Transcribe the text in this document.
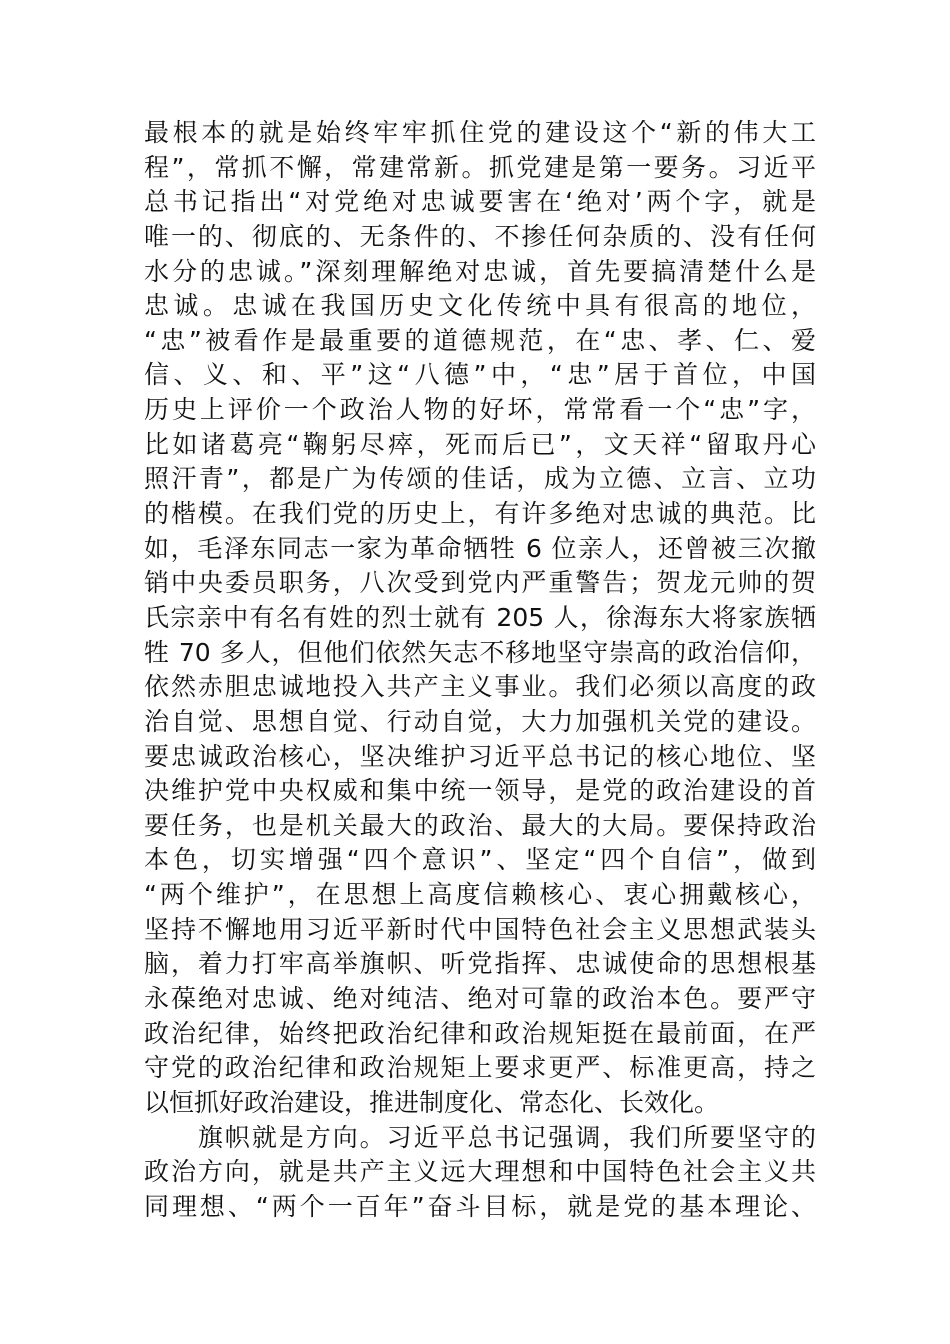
最根本的就是始终牢牢抓住党的建设这个“新的伟大工
程”，常抓不懈，常建常新。抓党建是第一要务。习近平
总书记指出“对党绝对忠诚要害在‘绝对’两个字，就是
唯一的、彻底的、无条件的、不掺任何杂质的、没有任何
水分的忠诚。”深刻理解绝对忠诚，首先要搞清楚什么是
忠诚。忠诚在我国历史文化传统中具有很高的地位，
“忠”被看作是最重要的道德规范，在“忠、孝、仁、爱
信、义、和、平”这“八德”中，“忠”居于首位，中国
历史上评价一个政治人物的好坏，常常看一个“忠”字，
比如诸葛亮“鞠躬尽瘁，死而后已”，文天祥“留取丹心
照汗青”，都是广为传颂的佳话，成为立德、立言、立功
的楷模。在我们党的历史上，有许多绝对忠诚的典范。比
如，毛泽东同志一家为革命牺牲 6 位亲人，还曾被三次撤
销中央委员职务，八次受到党内严重警告；贺龙元帅的贺
氏宗亲中有名有姓的烈士就有 205 人，徐海东大将家族牺
牲 70 多人，但他们依然矢志不移地坚守崇高的政治信仰，
依然赤胆忠诚地投入共产主义事业。我们必须以高度的政
治自觉、思想自觉、行动自觉，大力加强机关党的建设。
要忠诚政治核心，坚决维护习近平总书记的核心地位、坚
决维护党中央权威和集中统一领导，是党的政治建设的首
要任务，也是机关最大的政治、最大的大局。要保持政治
本色，切实增强“四个意识”、坚定“四个自信”，做到
“两个维护”，在思想上高度信赖核心、衷心拥戴核心，
坚持不懈地用习近平新时代中国特色社会主义思想武装头
脑，着力打牢高举旗帜、听党指挥、忠诚使命的思想根基
永葆绝对忠诚、绝对纯洁、绝对可靠的政治本色。要严守
政治纪律，始终把政治纪律和政治规矩挺在最前面，在严
守党的政治纪律和政治规矩上要求更严、标准更高，持之
以恒抓好政治建设，推进制度化、常态化、长效化。
　　旗帜就是方向。习近平总书记强调，我们所要坚守的
政治方向，就是共产主义远大理想和中国特色社会主义共
同理想、“两个一百年”奋斗目标，就是党的基本理论、
